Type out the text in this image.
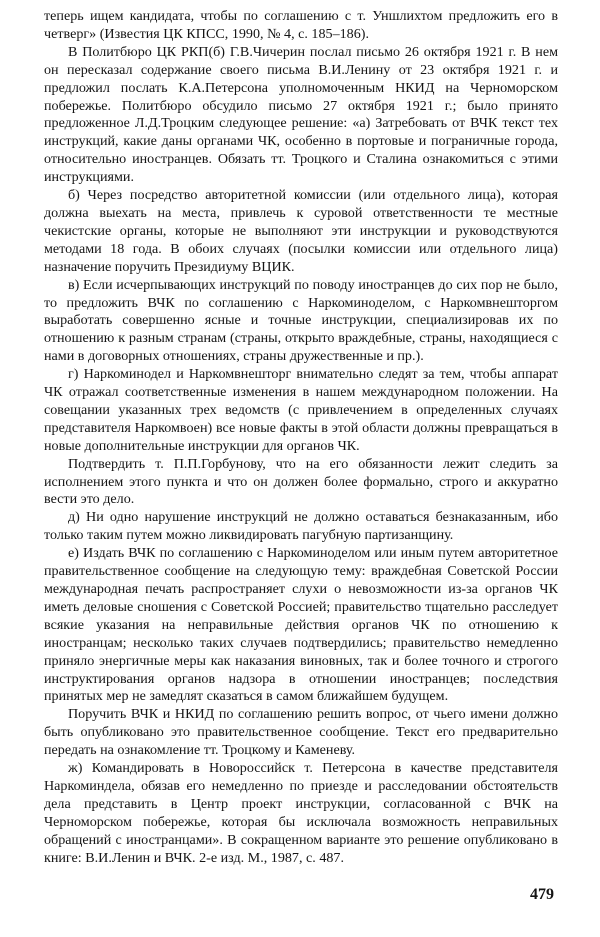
теперь ищем кандидата, чтобы по соглашению с т. Уншлихтом предложить его в четверг» (Известия ЦК КПСС, 1990, № 4, с. 185–186).

В Политбюро ЦК РКП(б) Г.В.Чичерин послал письмо 26 октября 1921 г. В нем он пересказал содержание своего письма В.И.Ленину от 23 октября 1921 г. и предложил послать К.А.Петерсона уполномоченным НКИД на Черноморском побережье. Политбюро обсудило письмо 27 октября 1921 г.; было принято предложенное Л.Д.Троцким следующее решение: «а) Затребовать от ВЧК текст тех инструкций, какие даны органами ЧК, особенно в портовые и пограничные города, относительно иностранцев. Обязать тт. Троцкого и Сталина ознакомиться с этими инструкциями.

б) Через посредство авторитетной комиссии (или отдельного лица), которая должна выехать на места, привлечь к суровой ответственности те местные чекистские органы, которые не выполняют эти инструкции и руководствуются методами 18 года. В обоих случаях (посылки комиссии или отдельного лица) назначение поручить Президиуму ВЦИК.

в) Если исчерпывающих инструкций по поводу иностранцев до сих пор не было, то предложить ВЧК по соглашению с Наркоминоделом, с Наркомвнешторгом выработать совершенно ясные и точные инструкции, специализировав их по отношению к разным странам (страны, открыто враждебные, страны, находящиеся с нами в договорных отношениях, страны дружественные и пр.).

г) Наркоминодел и Наркомвнешторг внимательно следят за тем, чтобы аппарат ЧК отражал соответственные изменения в нашем международном положении. На совещании указанных трех ведомств (с привлечением в определенных случаях представителя Наркомвоен) все новые факты в этой области должны превращаться в новые дополнительные инструкции для органов ЧК.

Подтвердить т. П.П.Горбунову, что на его обязанности лежит следить за исполнением этого пункта и что он должен более формально, строго и аккуратно вести это дело.

д) Ни одно нарушение инструкций не должно оставаться безнаказанным, ибо только таким путем можно ликвидировать пагубную партизанщину.

е) Издать ВЧК по соглашению с Наркоминоделом или иным путем авторитетное правительственное сообщение на следующую тему: враждебная Советской России международная печать распространяет слухи о невозможности из-за органов ЧК иметь деловые сношения с Советской Россией; правительство тщательно расследует всякие указания на неправильные действия органов ЧК по отношению к иностранцам; несколько таких случаев подтвердились; правительство немедленно приняло энергичные меры как наказания виновных, так и более точного и строгого инструктирования органов надзора в отношении иностранцев; последствия принятых мер не замедлят сказаться в самом ближайшем будущем.

Поручить ВЧК и НКИД по соглашению решить вопрос, от чьего имени должно быть опубликовано это правительственное сообщение. Текст его предварительно передать на ознакомление тт. Троцкому и Каменеву.

ж) Командировать в Новороссийск т. Петерсона в качестве представителя Наркоминдела, обязав его немедленно по приезде и расследовании обстоятельств дела представить в Центр проект инструкции, согласованной с ВЧК на Черноморском побережье, которая бы исключала возможность неправильных обращений с иностранцами». В сокращенном варианте это решение опубликовано в книге: В.И.Ленин и ВЧК. 2-е изд. М., 1987, с. 487.

479
